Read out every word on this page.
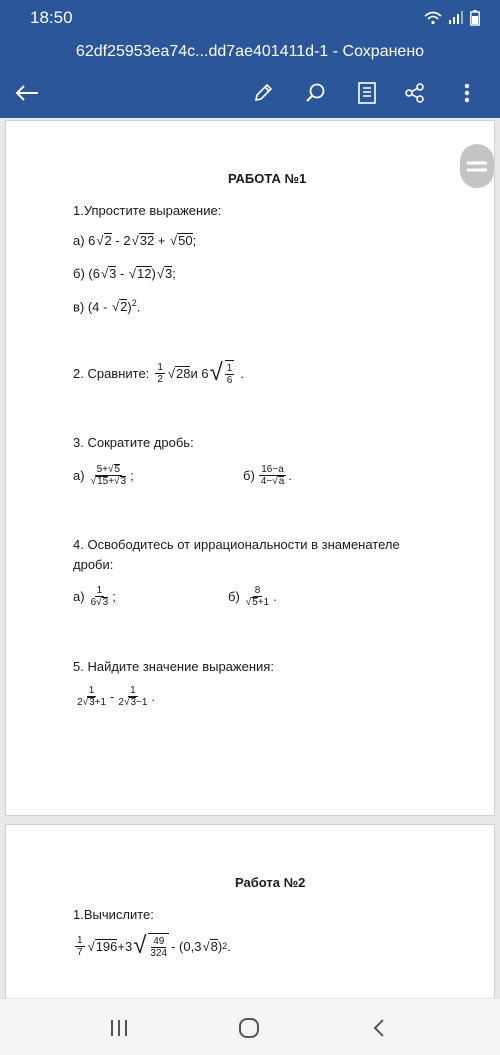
18:50
62df25953ea74c...dd7ae401411d-1 - Сохранено
РАБОТА №1
1.Упростите выражение:
а) 6√2 - 2√32 + √50;
б) (6√3 - √12)√3;
в) (4 - √2)$^2$.
2. Сравните: $\frac{1}{2}$ √ 28 и 6 √ $\frac{1}{6}$ .
3. Сократите дробь:
$а) \frac{5+√5}{√15+√3}$ ;	$б) \frac{16-a}{4-√a}$ .
4. Освободитесь от иррациональности в знаменателе
дроби:
$а) \frac{1}{6√3}$ ;	$б) \frac{8}{√5+1}$ .
5. Найдите значение выражения:
$\frac{1}{2√3+1} - \frac{1}{2√3-1}$ .
Работа №2
1.Вычислите:
$\frac{1}{7}$ √ 196 +3 √ $\frac{49}{324} - (0,3$ √ 8 ) 2 .
